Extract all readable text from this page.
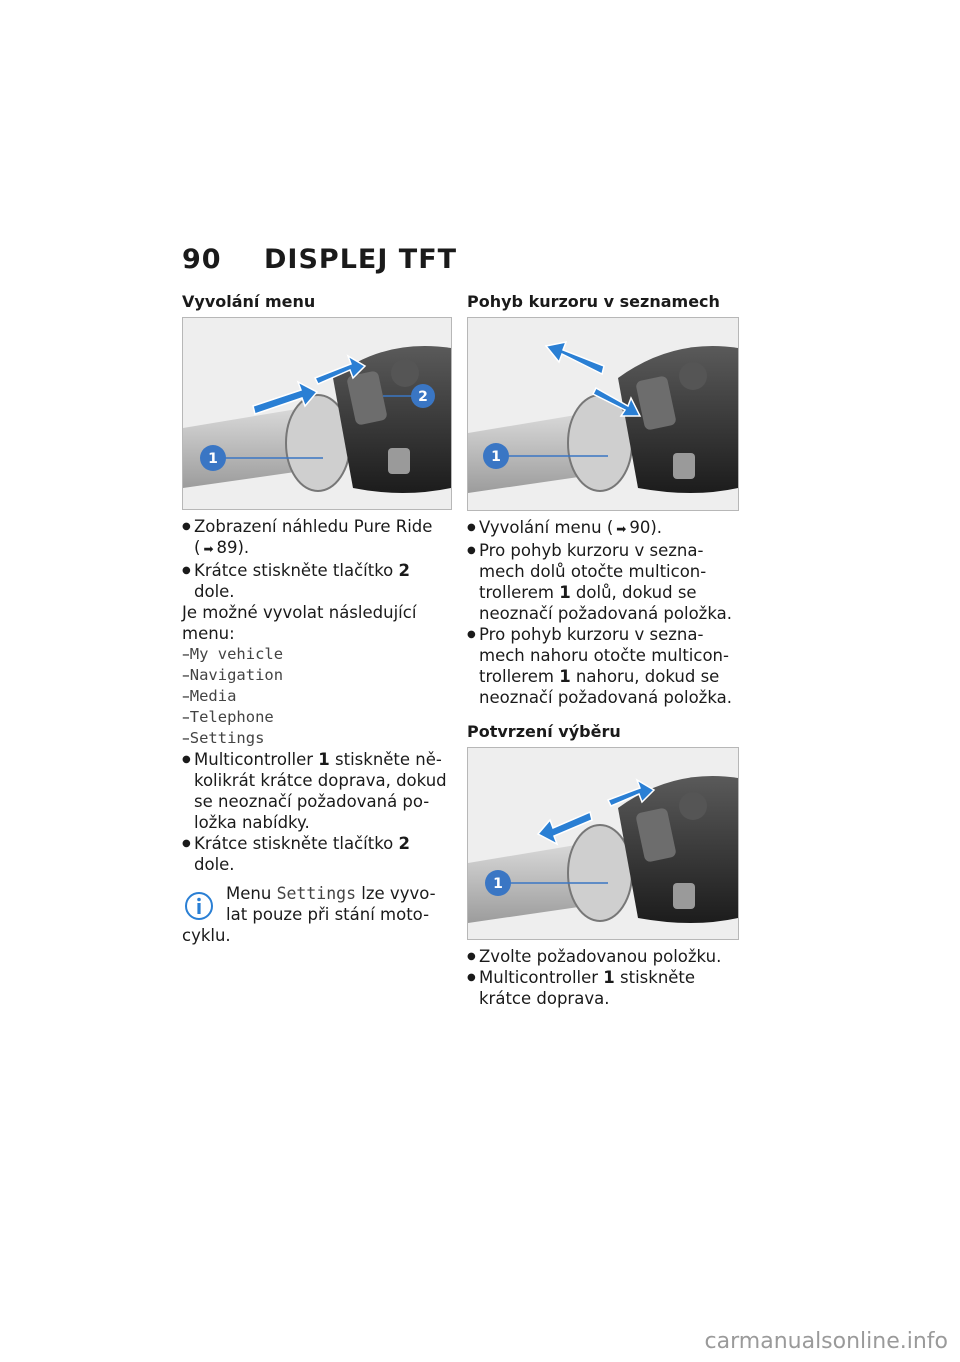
90 DISPLEJ TFT
Vyvolání menu
1
2
● Zobrazení náhledu Pure Ride
( ➡ 89).
● Krátce stiskněte tlačítko 2
dole.

Je možné vyvolat následující menu:

– My vehicle
– Navigation
– Media
– Telephone
– Settings
● Multicontroller 1 stiskněte ně-
kolikrát krátce doprava, dokud
se neoznačí požadovaná po-
ložka nabídky.
● Krátce stiskněte tlačítko 2
dole.
Menu Settings lze vyvo-
lat pouze při stání moto-
cyklu.
Pohyb kurzoru v seznamech
1
● Vyvolání menu ( ➡ 90).
● Pro pohyb kurzoru v sezna-
mech dolů otočte multicon-
trollerem 1 dolů, dokud se
neoznačí požadovaná položka.
● Pro pohyb kurzoru v sezna-
mech nahoru otočte multicon-
trollerem 1 nahoru, dokud se
neoznačí požadovaná položka.
Potvrzení výběru
1
● Zvolte požadovanou položku.
● Multicontroller 1 stiskněte
krátce doprava.
carmanualsonline.info
